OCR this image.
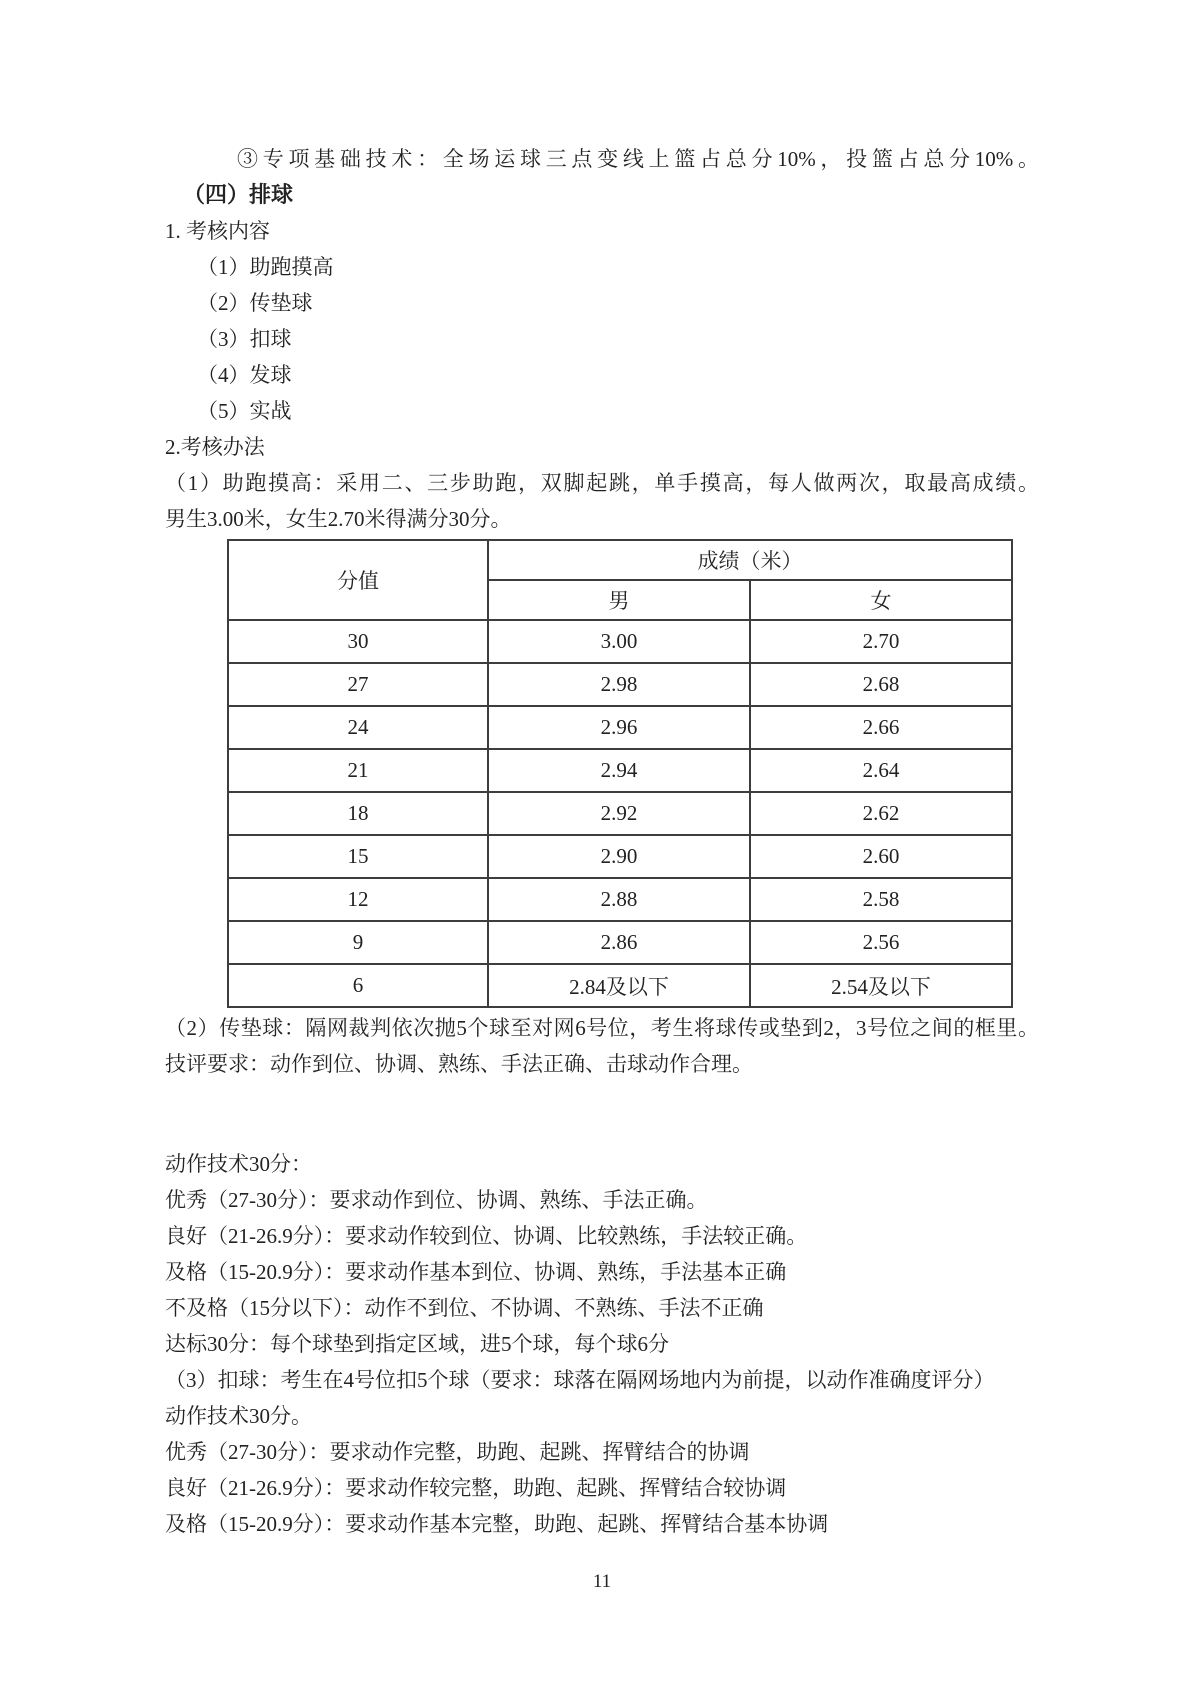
③专项基础技术：全场运球三点变线上篮占总分10%，投篮占总分10%。
（四）排球
1. 考核内容
（1）助跑摸高
（2）传垫球
（3）扣球
（4）发球
（5）实战
2.考核办法
（1）助跑摸高：采用二、三步助跑，双脚起跳，单手摸高，每人做两次，取最高成绩。
男生3.00米，女生2.70米得满分30分。
分值	成绩（米）	
	男	女
30	3.00	2.70
27	2.98	2.68
24	2.96	2.66
21	2.94	2.64
18	2.92	2.62
15	2.90	2.60
12	2.88	2.58
9	2.86	2.56
6	2.84及以下	2.54及以下
（2）传垫球：隔网裁判依次抛5个球至对网6号位，考生将球传或垫到2，3号位之间的框里。
技评要求：动作到位、协调、熟练、手法正确、击球动作合理。
动作技术30分：
优秀（27-30分）：要求动作到位、协调、熟练、手法正确。
良好（21-26.9分）：要求动作较到位、协调、比较熟练，手法较正确。
及格（15-20.9分）：要求动作基本到位、协调、熟练，手法基本正确
不及格（15分以下）：动作不到位、不协调、不熟练、手法不正确
达标30分：每个球垫到指定区域，进5个球，每个球6分
（3）扣球：考生在4号位扣5个球（要求：球落在隔网场地内为前提，以动作准确度评分）
动作技术30分。
优秀（27-30分）：要求动作完整，助跑、起跳、挥臂结合的协调
良好（21-26.9分）：要求动作较完整，助跑、起跳、挥臂结合较协调
及格（15-20.9分）：要求动作基本完整，助跑、起跳、挥臂结合基本协调
11
